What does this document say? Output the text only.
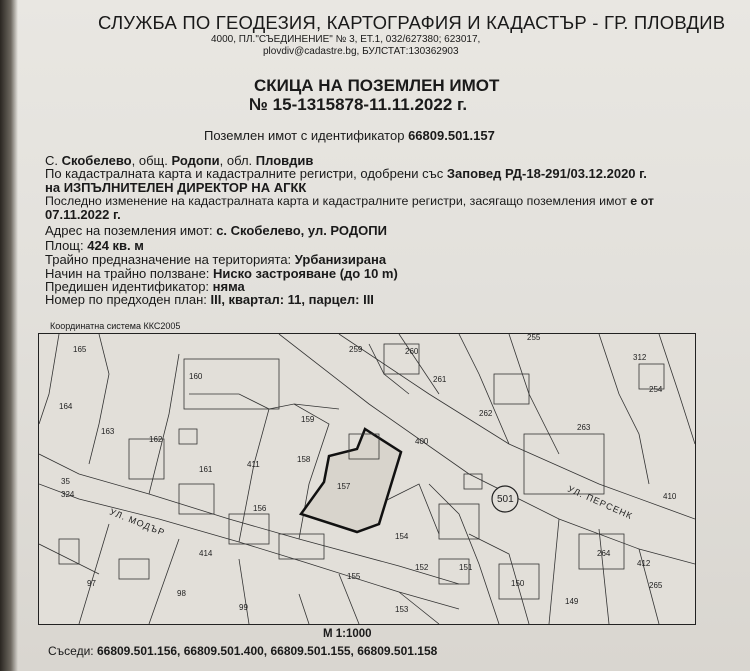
СЛУЖБА ПО ГЕОДЕЗИЯ, КАРТОГРАФИЯ И КАДАСТЪР - ГР. ПЛОВДИВ
4000, ПЛ."СЪЕДИНЕНИЕ" № 3, ЕТ.1, 032/627380; 623017,
plovdiv@cadastre.bg, БУЛСТАТ:130362903
СКИЦА НА ПОЗЕМЛЕН ИМОТ
№ 15-1315878-11.11.2022 г.
Поземлен имот с идентификатор 66809.501.157
С. Скобелево, общ. Родопи, обл. Пловдив
По кадастралната карта и кадастралните регистри, одобрени със Заповед РД-18-291/03.12.2020 г.
на ИЗПЪЛНИТЕЛЕН ДИРЕКТОР НА АГКК
Последно изменение на кадастралната карта и кадастралните регистри, засягащо поземления имот е от
07.11.2022 г.
Адрес на поземления имот: с. Скобелево, ул. РОДОПИ
Площ: 424 кв. м
Трайно предназначение на територията: Урбанизирана
Начин на трайно ползване: Ниско застрояване (до 10 m)
Предишен идентификатор: няма
Номер по предходен план: III, квартал: 11, парцел: III
Координатна система ККС2005
УЛ. МОДЪР
УЛ. ПЕРСЕНК
165
160
164
163
162
161
411
159
158
157
156
155
154
153
152	151
150
149
414
400
501
255
259	260
261
262
263
312
254
264
265
410
412
97
98
99
324
35
М 1:1000
Съседи: 66809.501.156, 66809.501.400, 66809.501.155, 66809.501.158
